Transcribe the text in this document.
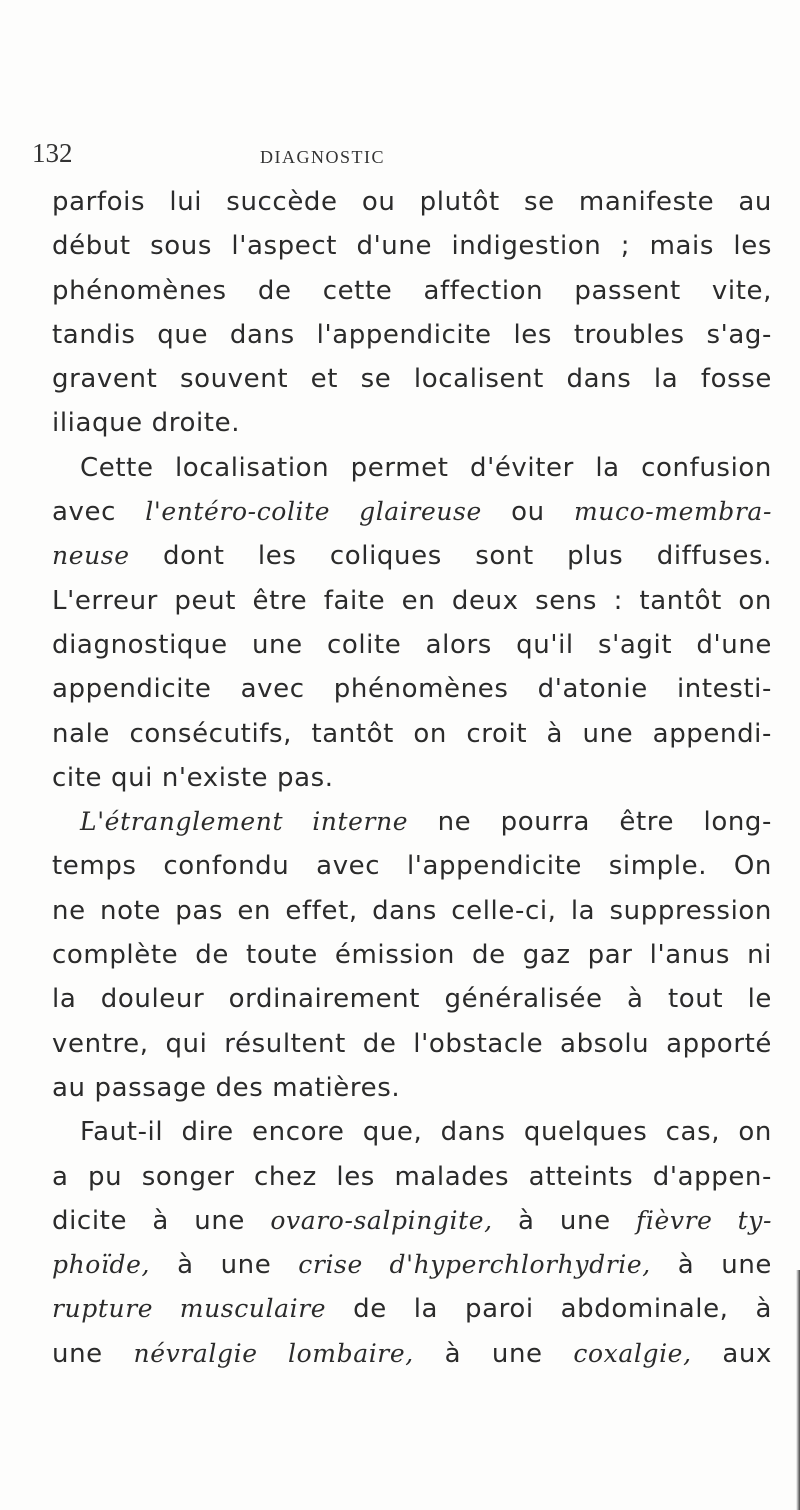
132	DIAGNOSTIC
parfois lui succède ou plutôt se manifeste au
début sous l'aspect d'une indigestion ; mais les
phénomènes de cette affection passent vite,
tandis que dans l'appendicite les troubles s'ag-
gravent souvent et se localisent dans la fosse
iliaque droite.
Cette localisation permet d'éviter la confusion
avec l'entéro-colite glaireuse ou muco-membra-
neuse dont les coliques sont plus diffuses.
L'erreur peut être faite en deux sens : tantôt on
diagnostique une colite alors qu'il s'agit d'une
appendicite avec phénomènes d'atonie intesti-
nale consécutifs, tantôt on croit à une appendi-
cite qui n'existe pas.
L'étranglement interne ne pourra être long-
temps confondu avec l'appendicite simple. On
ne note pas en effet, dans celle-ci, la suppression
complète de toute émission de gaz par l'anus ni
la douleur ordinairement généralisée à tout le
ventre, qui résultent de l'obstacle absolu apporté
au passage des matières.
Faut-il dire encore que, dans quelques cas, on
a pu songer chez les malades atteints d'appen-
dicite à une ovaro-salpingite, à une fièvre ty-
phoïde, à une crise d'hyperchlorhydrie, à une
rupture musculaire de la paroi abdominale, à
une névralgie lombaire, à une coxalgie, aux
